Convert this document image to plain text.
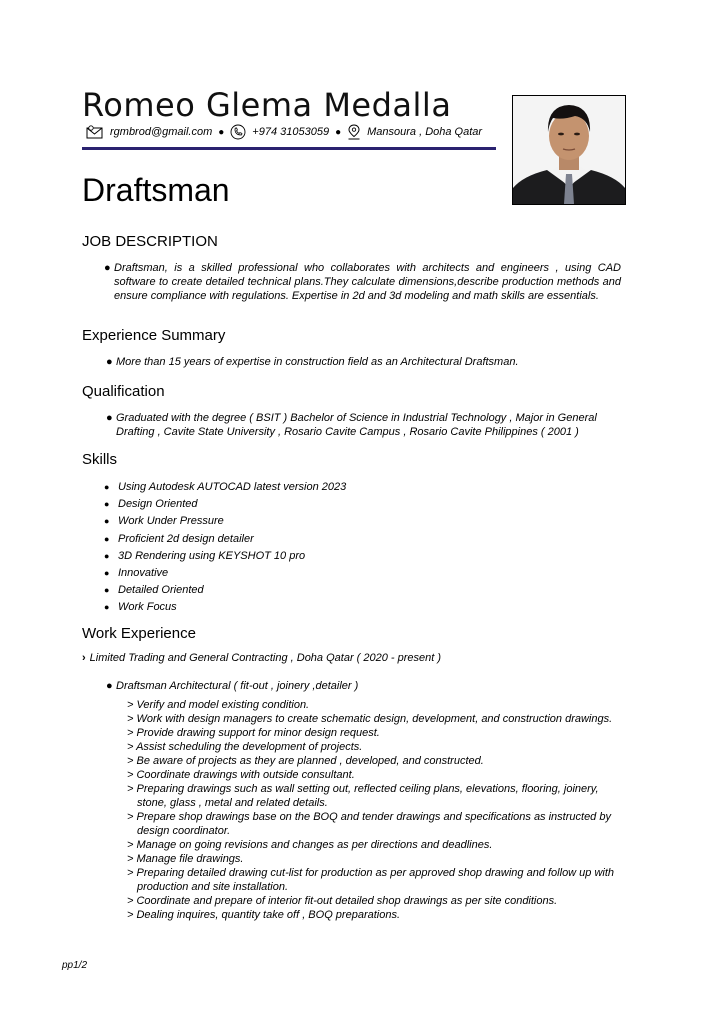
Romeo Glema Medalla
rgmbrod@gmail.com ●	+974 31053059 ● Mansoura , Doha Qatar
Draftsman
JOB DESCRIPTION
● Draftsman, is a skilled professional who collaborates with architects and engineers , using CAD software to create detailed technical plans.They calculate dimensions,describe production methods and ensure compliance with regulations. Expertise in 2d and 3d modeling and math skills are essentials.
Experience Summary
● More than 15 years of expertise in construction field as an Architectural Draftsman.
Qualification
● Graduated with the degree ( BSIT ) Bachelor of Science in Industrial Technology , Major in General Drafting , Cavite State University , Rosario Cavite Campus , Rosario Cavite Philippines ( 2001 )
Skills
● Using Autodesk AUTOCAD latest version 2023
● Design Oriented
● Work Under Pressure
● Proficient 2d design detailer
● 3D Rendering using KEYSHOT 10 pro
● Innovative
● Detailed Oriented
● Work Focus
Work Experience
› Limited Trading and General Contracting , Doha Qatar ( 2020 - present )
● Draftsman Architectural ( fit-out , joinery ,detailer )
> Verify and model existing condition.
> Work with design managers to create schematic design, development, and construction drawings.
> Provide drawing support for minor design request.
> Assist scheduling the development of projects.
> Be aware of projects as they are planned , developed, and constructed.
> Coordinate drawings with outside consultant.
> Preparing drawings such as wall setting out, reflected ceiling plans, elevations, flooring, joinery, stone, glass , metal and related details.
> Prepare shop drawings base on the BOQ and tender drawings and specifications as instructed by design coordinator.
> Manage on going revisions and changes as per directions and deadlines.
> Manage file drawings.
> Preparing detailed drawing cut-list for production as per approved shop drawing and follow up with production and site installation.
> Coordinate and prepare of interior fit-out detailed shop drawings as per site conditions.
> Dealing inquires, quantity take off , BOQ preparations.
pp1/2
